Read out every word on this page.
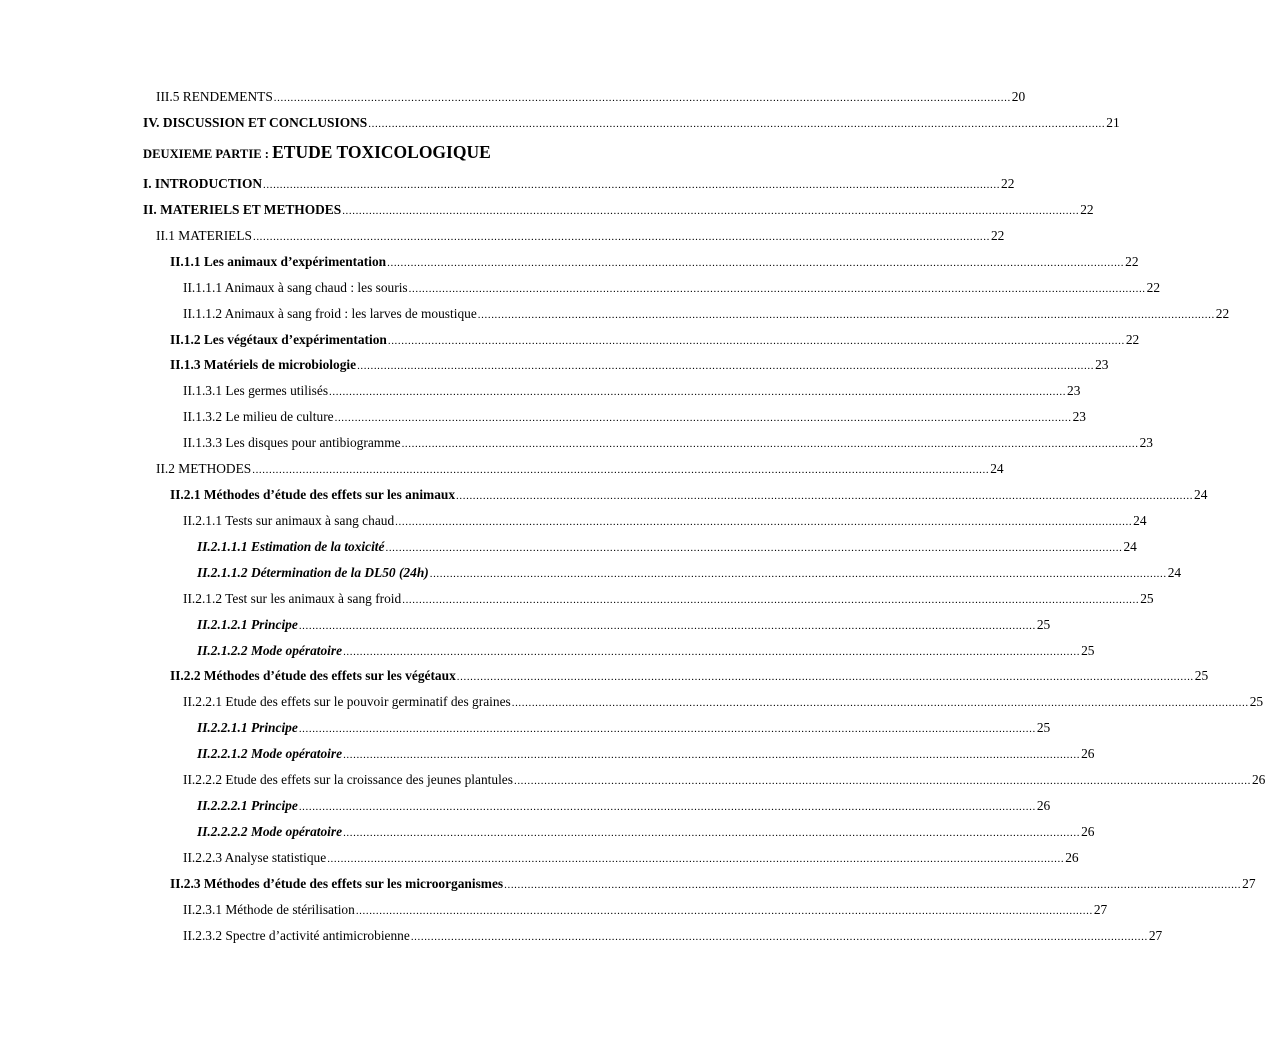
DEUXIEME PARTIE : ETUDE TOXICOLOGIQUE
III.5 RENDEMENTS ............................................................................................................................................................................................................................ 20
IV. DISCUSSION ET CONCLUSIONS ............................................................................................................................................................................................................................ 21
I. INTRODUCTION ............................................................................................................................................................................................................................ 22
II. MATERIELS ET METHODES ............................................................................................................................................................................................................................ 22
II.1 MATERIELS ............................................................................................................................................................................................................................ 22
II.1.1 Les animaux d’expérimentation ............................................................................................................................................................................................................................ 22
II.1.1.1 Animaux à sang chaud : les souris ............................................................................................................................................................................................................................ 22
II.1.1.2 Animaux à sang froid : les larves de moustique ............................................................................................................................................................................................................................ 22
II.1.2 Les végétaux d’expérimentation ............................................................................................................................................................................................................................ 22
II.1.3 Matériels de microbiologie ............................................................................................................................................................................................................................ 23
II.1.3.1 Les germes utilisés ............................................................................................................................................................................................................................ 23
II.1.3.2 Le milieu de culture ............................................................................................................................................................................................................................ 23
II.1.3.3 Les disques pour antibiogramme ............................................................................................................................................................................................................................ 23
II.2 METHODES ............................................................................................................................................................................................................................ 24
II.2.1 Méthodes d’étude des effets sur les animaux ............................................................................................................................................................................................................................ 24
II.2.1.1 Tests sur animaux à sang chaud ............................................................................................................................................................................................................................ 24
II.2.1.1.1 Estimation de la toxicité ............................................................................................................................................................................................................................ 24
II.2.1.1.2 Détermination de la DL50 (24h) ............................................................................................................................................................................................................................ 24
II.2.1.2 Test sur les animaux à sang froid ............................................................................................................................................................................................................................ 25
II.2.1.2.1 Principe ............................................................................................................................................................................................................................ 25
II.2.1.2.2 Mode opératoire ............................................................................................................................................................................................................................ 25
II.2.2 Méthodes d’étude des effets sur les végétaux ............................................................................................................................................................................................................................ 25
II.2.2.1 Etude des effets sur le pouvoir germinatif des graines ............................................................................................................................................................................................................................ 25
II.2.2.1.1 Principe ............................................................................................................................................................................................................................ 25
II.2.2.1.2 Mode opératoire ............................................................................................................................................................................................................................ 26
II.2.2.2 Etude des effets sur la croissance des jeunes plantules ............................................................................................................................................................................................................................ 26
II.2.2.2.1 Principe ............................................................................................................................................................................................................................ 26
II.2.2.2.2 Mode opératoire ............................................................................................................................................................................................................................ 26
II.2.2.3 Analyse statistique ............................................................................................................................................................................................................................ 26
II.2.3 Méthodes d’étude des effets sur les microorganismes ............................................................................................................................................................................................................................ 27
II.2.3.1 Méthode de stérilisation ............................................................................................................................................................................................................................ 27
II.2.3.2 Spectre d’activité antimicrobienne ............................................................................................................................................................................................................................ 27
